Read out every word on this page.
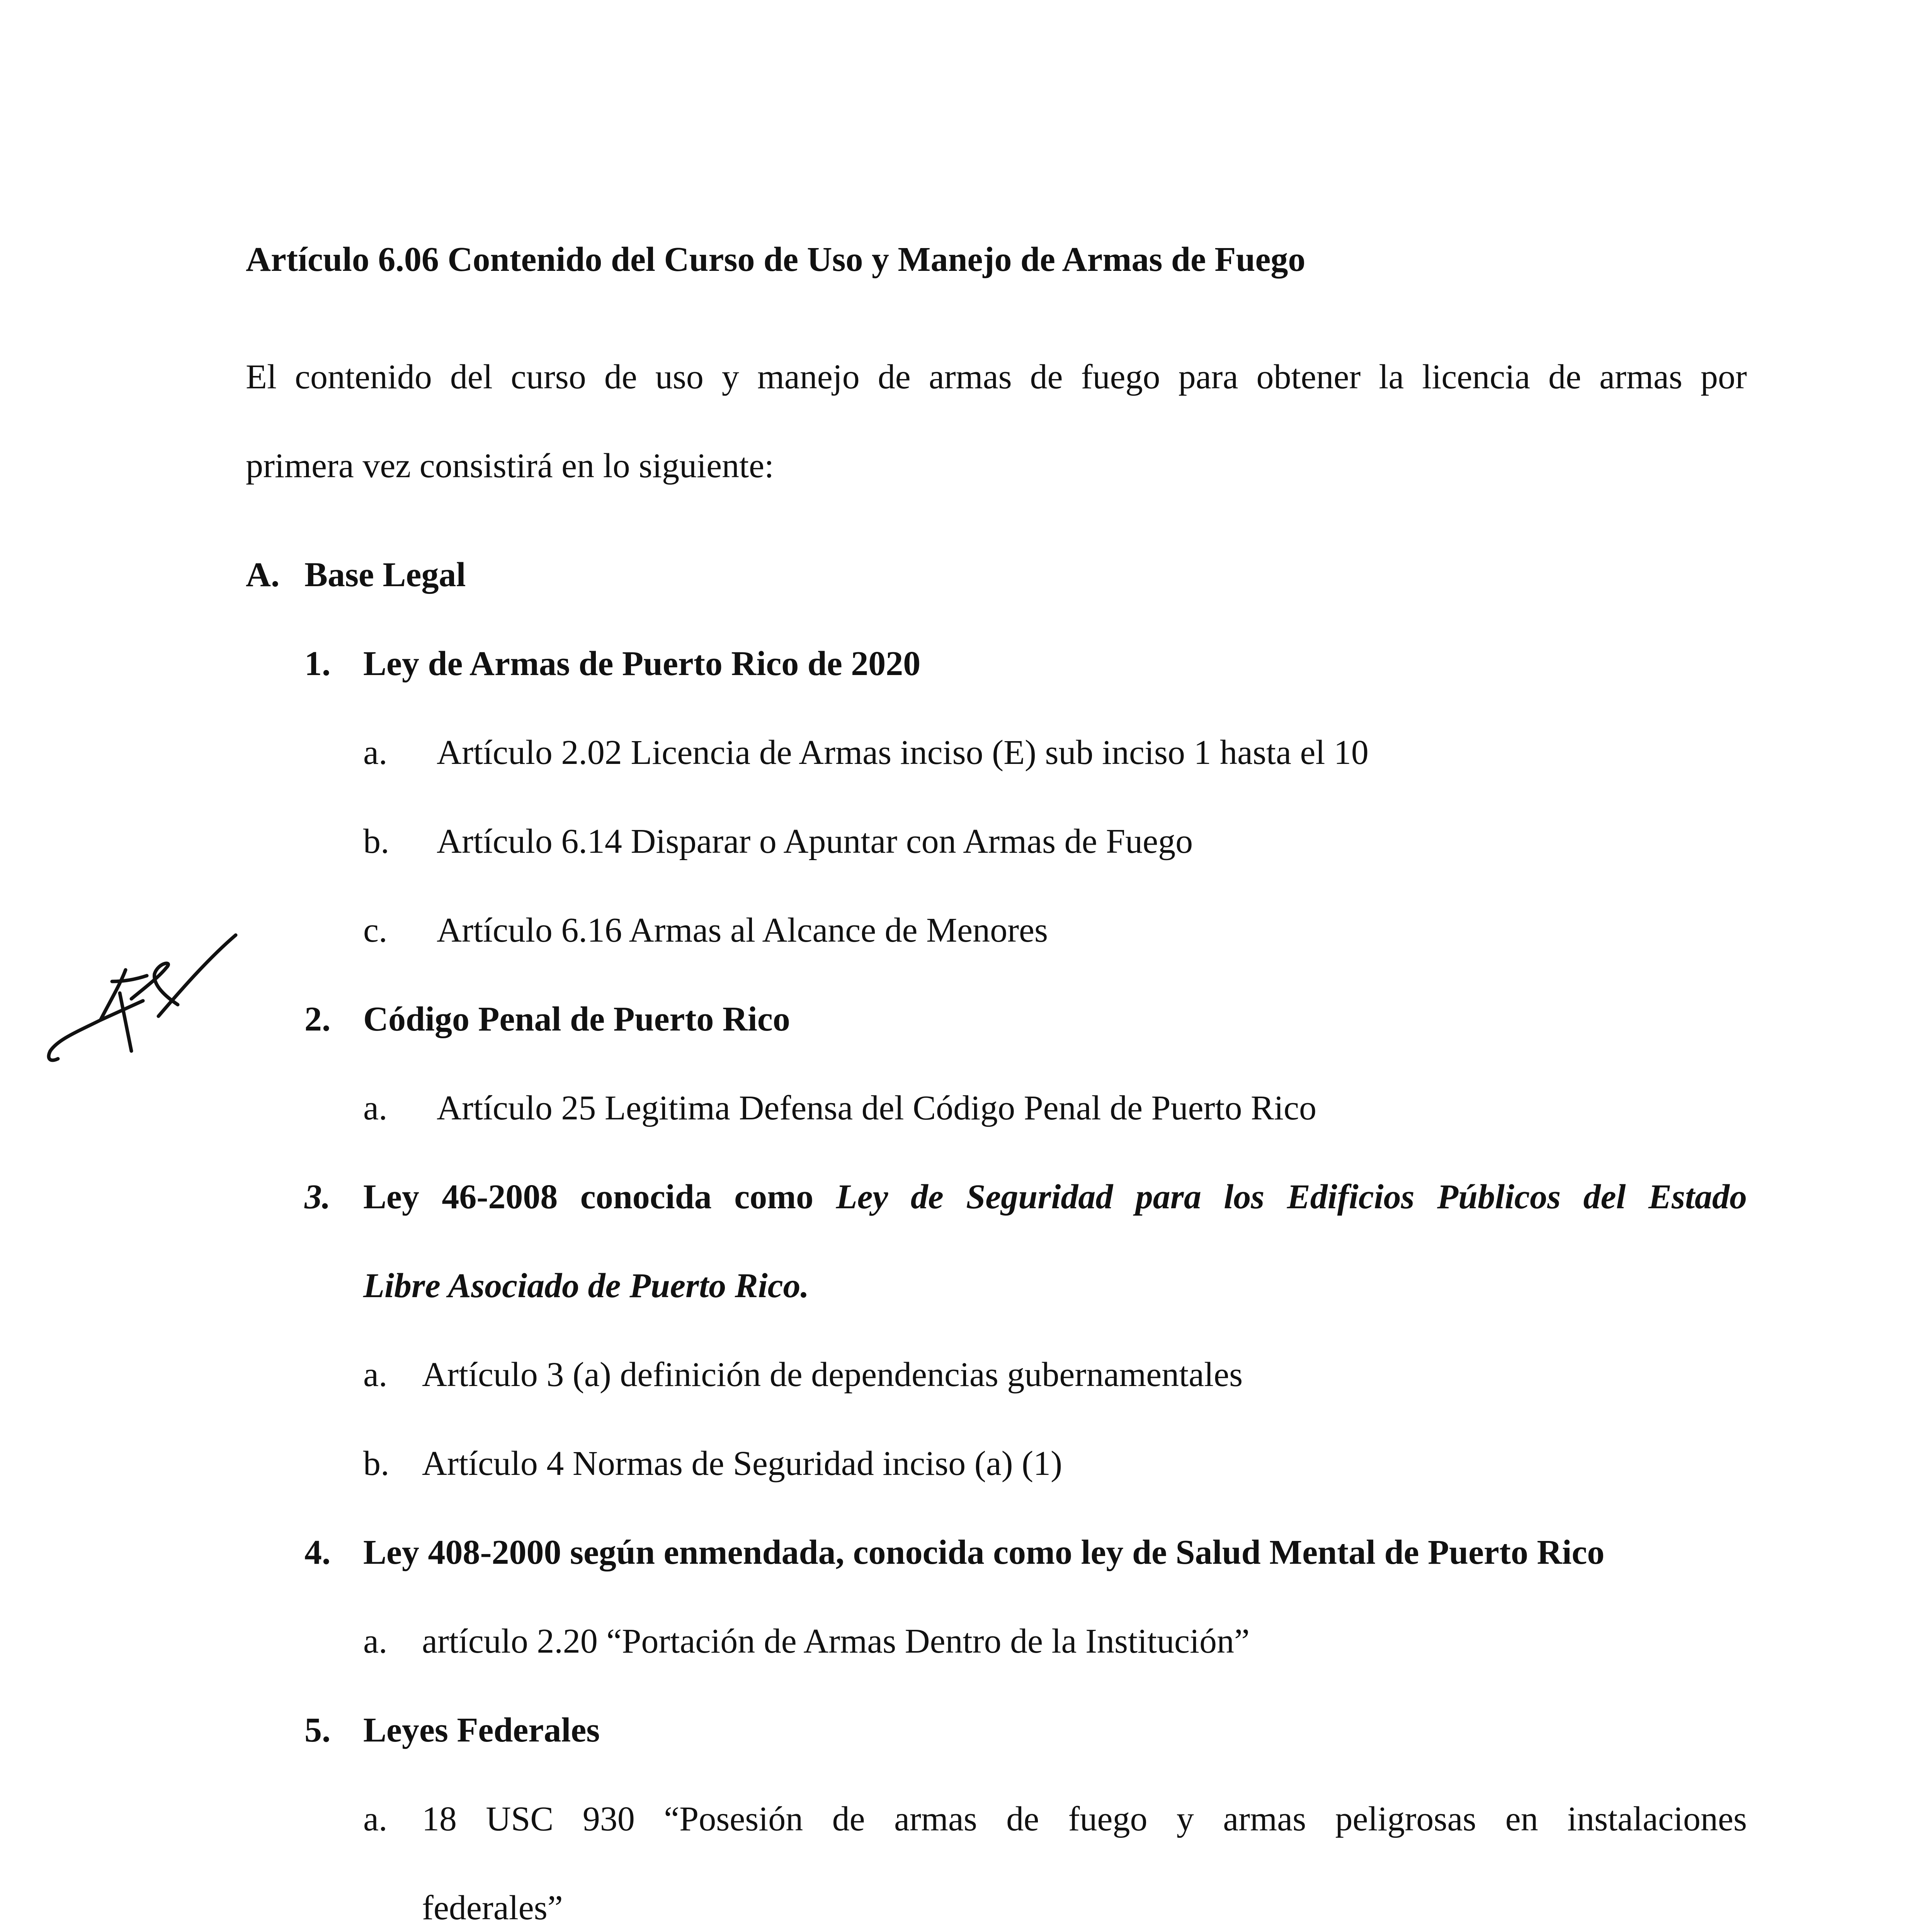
Artículo 6.06 Contenido del Curso de Uso y Manejo de Armas de Fuego
El contenido del curso de uso y manejo de armas de fuego para obtener la licencia de armas por
primera vez consistirá en lo siguiente:
A. Base Legal
1. Ley de Armas de Puerto Rico de 2020
a. Artículo 2.02 Licencia de Armas inciso (E) sub inciso 1 hasta el 10
b. Artículo 6.14 Disparar o Apuntar con Armas de Fuego
c. Artículo 6.16 Armas al Alcance de Menores
2. Código Penal de Puerto Rico
a. Artículo 25 Legitima Defensa del Código Penal de Puerto Rico
3. Ley 46-2008 conocida como Ley de Seguridad para los Edificios Públicos del Estado
Libre Asociado de Puerto Rico.
a. Artículo 3 (a) definición de dependencias gubernamentales
b. Artículo 4 Normas de Seguridad inciso (a) (1)
4. Ley 408-2000 según enmendada, conocida como ley de Salud Mental de Puerto Rico
a. artículo 2.20 “Portación de Armas Dentro de la Institución”
5. Leyes Federales
a. 18 USC 930 “Posesión de armas de fuego y armas peligrosas en instalaciones
federales”
